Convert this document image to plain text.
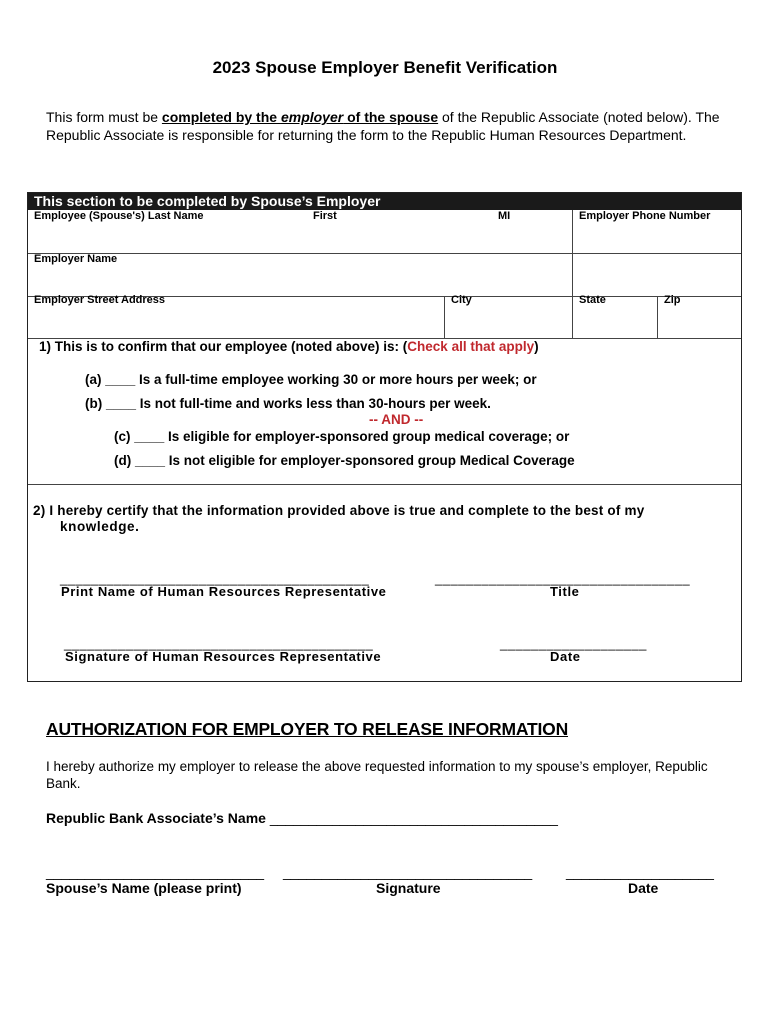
2023 Spouse Employer Benefit Verification
This form must be completed by the employer of the spouse of the Republic Associate (noted below). The Republic Associate is responsible for returning the form to the Republic Human Resources Department.
This section to be completed by Spouse’s Employer
Employee (Spouse's) Last Name	First	MI	Employer Phone Number
Employer Name
Employer Street Address	City	State	Zip
1) This is to confirm that our employee (noted above) is: (Check all that apply)
(a) ____ Is a full-time employee working 30 or more hours per week; or
(b) ____ Is not full-time and works less than 30-hours per week.
-- AND --
(c) ____ Is eligible for employer-sponsored group medical coverage; or
(d) ____ Is not eligible for employer-sponsored group Medical Coverage
2) I hereby certify that the information provided above is true and complete to the best of my
knowledge.
________________________________________	_________________________________
Print Name of Human Resources Representative	Title
________________________________________	___________________
Signature of Human Resources Representative	Date
AUTHORIZATION FOR EMPLOYER TO RELEASE INFORMATION
I hereby authorize my employer to release the above requested information to my spouse’s employer, Republic Bank.
Republic Bank Associate’s Name _____________________________________
____________________________ ________________________________ ___________________
Spouse’s Name (please print)	Signature	Date
